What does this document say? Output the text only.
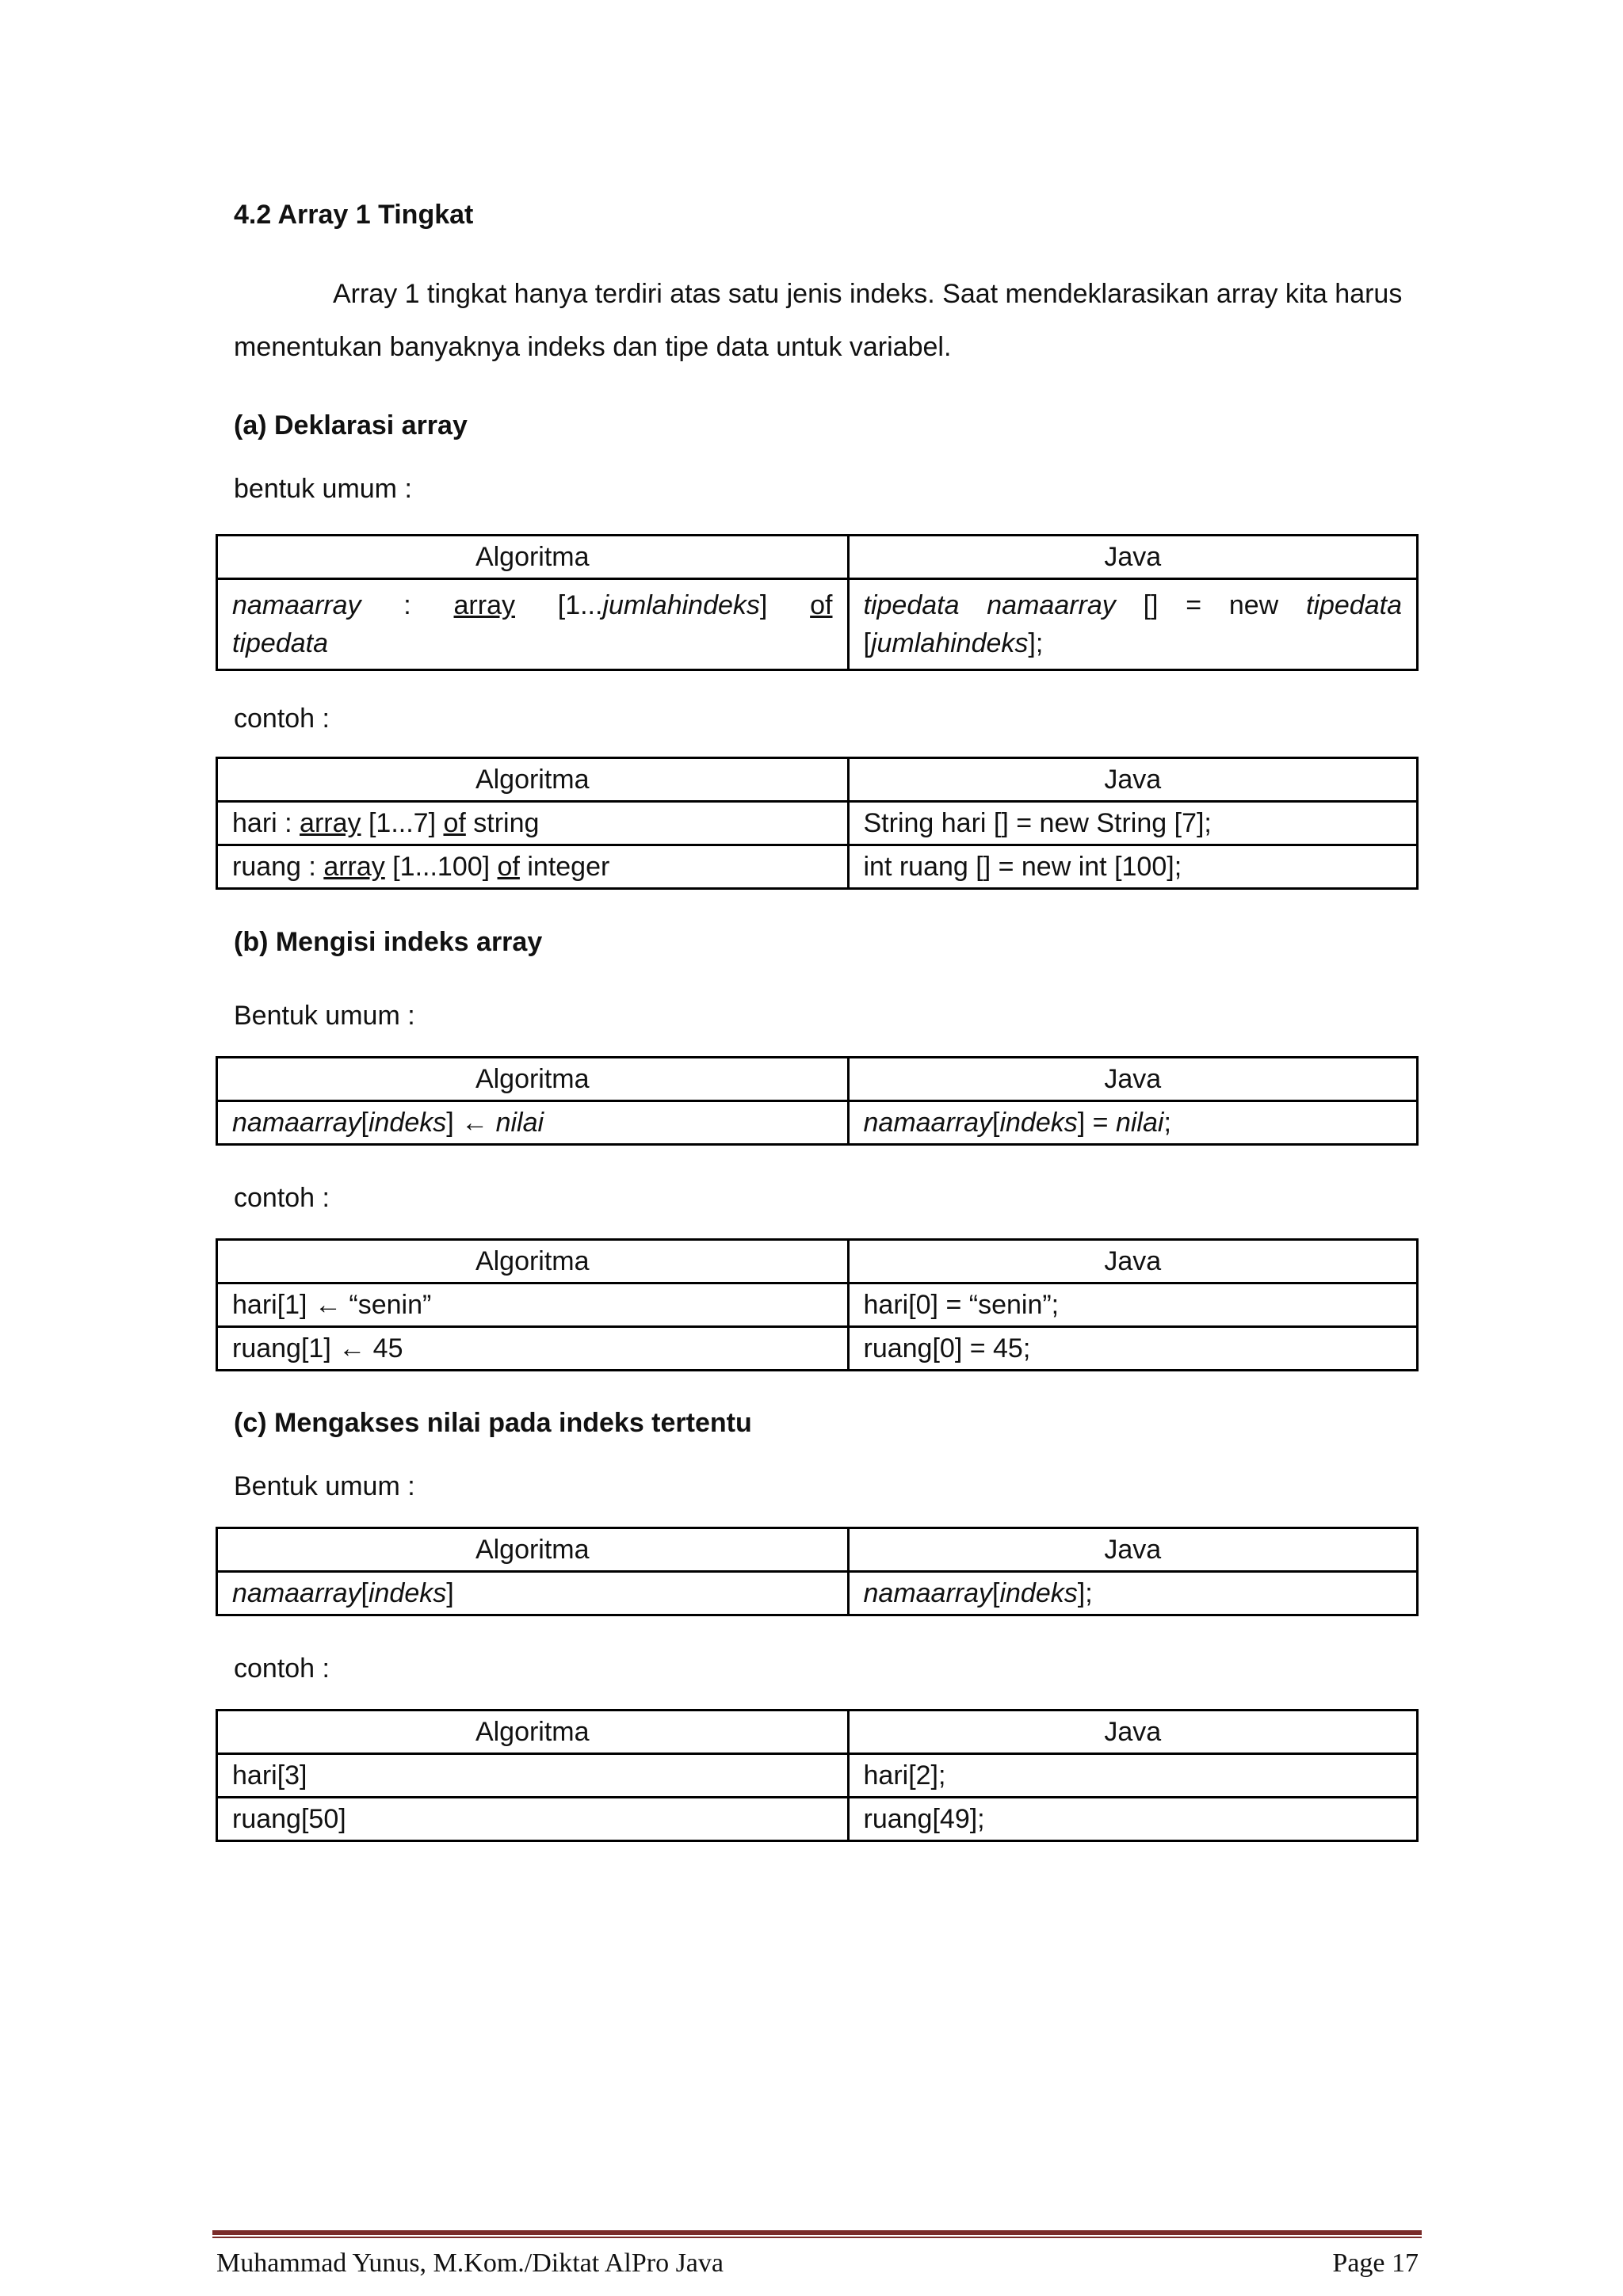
4.2 Array 1 Tingkat
Array 1 tingkat hanya terdiri atas satu jenis indeks. Saat mendeklarasikan array kita harus menentukan banyaknya indeks dan tipe data untuk variabel.
(a) Deklarasi array
bentuk umum :
Algoritma	Java

namaarray : array [1...jumlahindeks] of
tipedata	tipedata namaarray [] = new tipedata
[jumlahindeks];
contoh :
Algoritma	Java
hari : array [1...7] of string	String hari [] = new String [7];
ruang : array [1...100] of integer	int ruang [] = new int [100];
(b) Mengisi indeks array
Bentuk umum :
Algoritma	Java
namaarray[indeks] ← nilai	namaarray[indeks] = nilai;
contoh :
Algoritma	Java
hari[1] ← “senin”	hari[0] = “senin”;
ruang[1] ← 45	ruang[0] = 45;
(c) Mengakses nilai pada indeks tertentu
Bentuk umum :
Algoritma	Java
namaarray[indeks]	namaarray[indeks];
contoh :
Algoritma	Java
hari[3]	hari[2];
ruang[50]	ruang[49];
Muhammad Yunus, M.Kom./Diktat AlPro Java	Page 17
